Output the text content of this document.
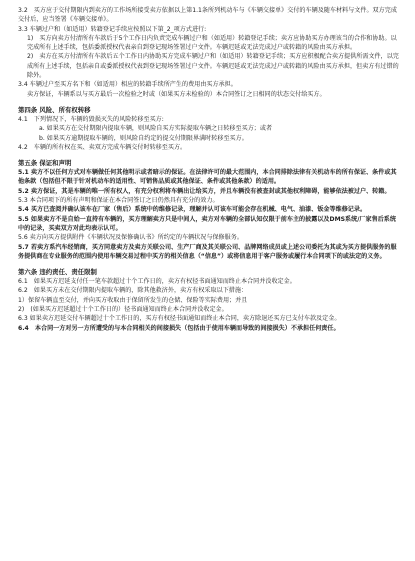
3.2　买方应于交付期限内到卖方的工作场所接受卖方依据以上第1.1条所列机动车与《车辆交接单》交付的车辆及随车材料与文件。双方完成交付后，应当签署《车辆交接单》。

3.3 车辆过户和（如适用）转籍登记手续应按照以下第_2_项方式进行:

1)　买方向卖方付清所有车款后于5个工作日内负责完成车辆过户和（如适用）转籍登记手续；卖方应协助买方办理该当的合作和协助。以完成所有上述手续，包括委派授权代表亲自到登记现场签署过户文件。车辆迟延或无法完成过户或转籍的风险由买方承担。

2)　卖方在买方付清所有车款后五个工作日内协助买方完成车辆过户和（如适用）转籍登记手续；买方应积极配合卖方提供所需文件，以完成所有上述手续，包括亲自或委派授权代表到登记现场签署过户文件。车辆迟延或无法完成过户或转籍的风险由买方承担，但卖方有过错的除外。

3.4 车辆过户至买方名下和（如适用）相应的转籍手续所产生的费用由买方承担。

卖方保证，车辆系以与买方最后一次检验之时或（如果买方未检验的）本合同签订之日相同的状态交付给买方。

第四条 风险、所有权转移

4.1　下列情况下，车辆的毁损灭失的风险转移至买方:

a. 如果买方在交付期限内提取车辆，则风险自买方实际提取车辆之日转移至买方；或者

b. 如果买方逾期提取车辆的，则风险自约定的提交付期限界满时转移至买方。

4.2　车辆的所有权在买、卖双方完成车辆交付时转移至买方。

第五条 保证和声明

5.1 卖方不以任何方式对车辆做任何其他明示或者暗示的保证。在法律许可的最大范围内，本合同排除法律有关机动车的所有保证、条件或其他条款（包括但不限于针对机动车的适用性、可销售品质或其他保证、条件或其他条款）的适用。

5.2 卖方保证，其是车辆的唯一所有权人，有充分权利将车辆出让给买方，并且车辆没有被查封或其他权利障碍，能够依法被过户、转籍。

5.3 本合同项下的所有声明和保证在本合同签订之日仍然具有充分的效力。

5.4 买方已查阅并确认该车在厂家（售后）系统中的维修记录，理解并认可该车可能会存在机械、电气、油漆、钣金等维修记录。

5.5 如果卖方不是自始一直持有车辆的，买方理解卖方只是中间人，卖方对车辆的全部认知仅限于前车主的披露以及DMS系统/厂家售后系统中的记录，买卖双方对此均表示认可。

5.6 卖方向买方提供附件《车辆状况及保修确认书》所约定的车辆状况与保修服务。

5.7 若卖方系汽车经销商，买方同意卖方及卖方关联公司、生产厂商及其关联公司、品牌网络成员或上述公司委托为其或为买方提供服务的服务提供商在专业服务的范围内使用车辆交易过程中买方的相关信息（“信息”）或将信息用于客户服务或履行本合同项下的或法定的义务。

第六条 违约责任、责任限制

6.1　如果买方迟延支付任一笔车款超过十个工作日的，卖方有权径书面通知而终止本合同并没收定金。

6.2　如果买方未在交付期限内提取车辆的，除其他救济外，卖方有权采取以下措施：

1）保留车辆直至交付，并向买方收取由于保留所发生的仓储、保险等实际费用；并且

2)　(如果买方迟延超过十个工作日的）径书面通知而终止本合同并没收定金。

6.3 如果卖方迟延交付车辆超过十个工作日的，买方有权径书面通知而终止本合同，卖方除退还买方已支付车款及定金。

6.4　本合同一方对另一方所遭受的与本合同相关的间接损失（包括由于使用车辆而导致的间接损失）不承担任何责任。
